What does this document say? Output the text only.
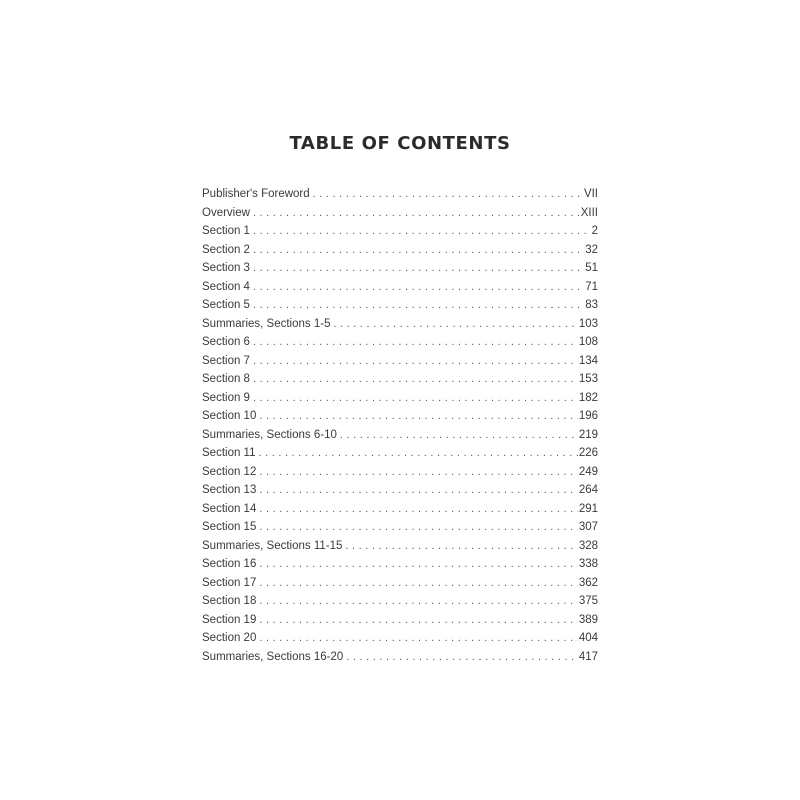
TABLE OF CONTENTS
Publisher's Foreword . . .	VII
Overview . . .	XIII
Section 1 . . .	2
Section 2 . . .	32
Section 3 . . .	51
Section 4 . . .	71
Section 5 . . .	83
Summaries, Sections 1-5 . . .	103
Section 6 . . .	108
Section 7 . . .	134
Section 8 . . .	153
Section 9 . . .	182
Section 10 . . .	196
Summaries, Sections 6-10 . . .	219
Section 11 . . .	226
Section 12 . . .	249
Section 13 . . .	264
Section 14 . . .	291
Section 15 . . .	307
Summaries, Sections 11-15 . . .	328
Section 16 . . .	338
Section 17 . . .	362
Section 18 . . .	375
Section 19 . . .	389
Section 20 . . .	404
Summaries, Sections 16-20 . . .	417
